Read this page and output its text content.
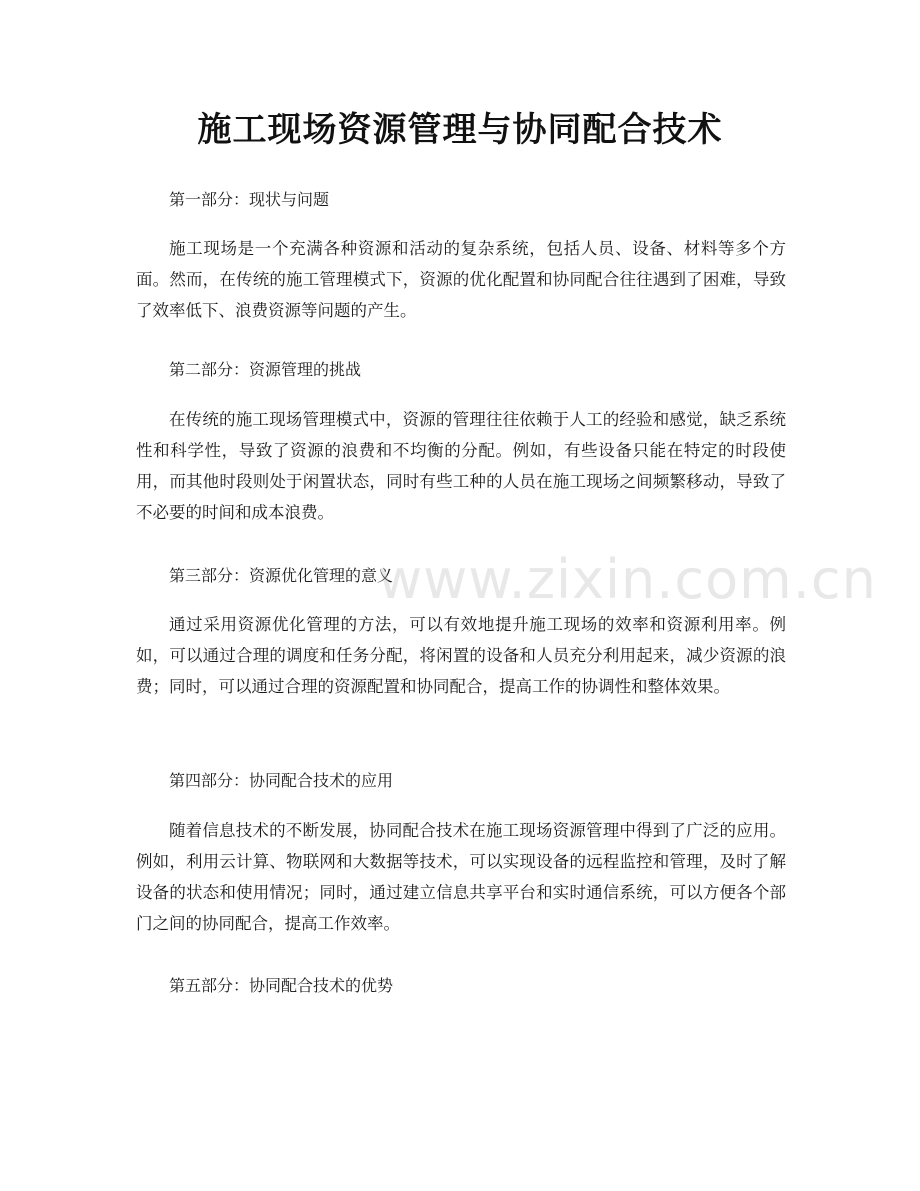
施工现场资源管理与协同配合技术

第一部分：现状与问题

施工现场是一个充满各种资源和活动的复杂系统，包括人员、设备、材料等多个方面。然而，在传统的施工管理模式下，资源的优化配置和协同配合往往遇到了困难，导致了效率低下、浪费资源等问题的产生。

第二部分：资源管理的挑战

在传统的施工现场管理模式中，资源的管理往往依赖于人工的经验和感觉，缺乏系统性和科学性，导致了资源的浪费和不均衡的分配。例如，有些设备只能在特定的时段使用，而其他时段则处于闲置状态，同时有些工种的人员在施工现场之间频繁移动，导致了不必要的时间和成本浪费。

第三部分：资源优化管理的意义

通过采用资源优化管理的方法，可以有效地提升施工现场的效率和资源利用率。例如，可以通过合理的调度和任务分配，将闲置的设备和人员充分利用起来，减少资源的浪费；同时，可以通过合理的资源配置和协同配合，提高工作的协调性和整体效果。

第四部分：协同配合技术的应用

随着信息技术的不断发展，协同配合技术在施工现场资源管理中得到了广泛的应用。例如，利用云计算、物联网和大数据等技术，可以实现设备的远程监控和管理，及时了解设备的状态和使用情况；同时，通过建立信息共享平台和实时通信系统，可以方便各个部门之间的协同配合，提高工作效率。

第五部分：协同配合技术的优势

www.zixin.com.cn
